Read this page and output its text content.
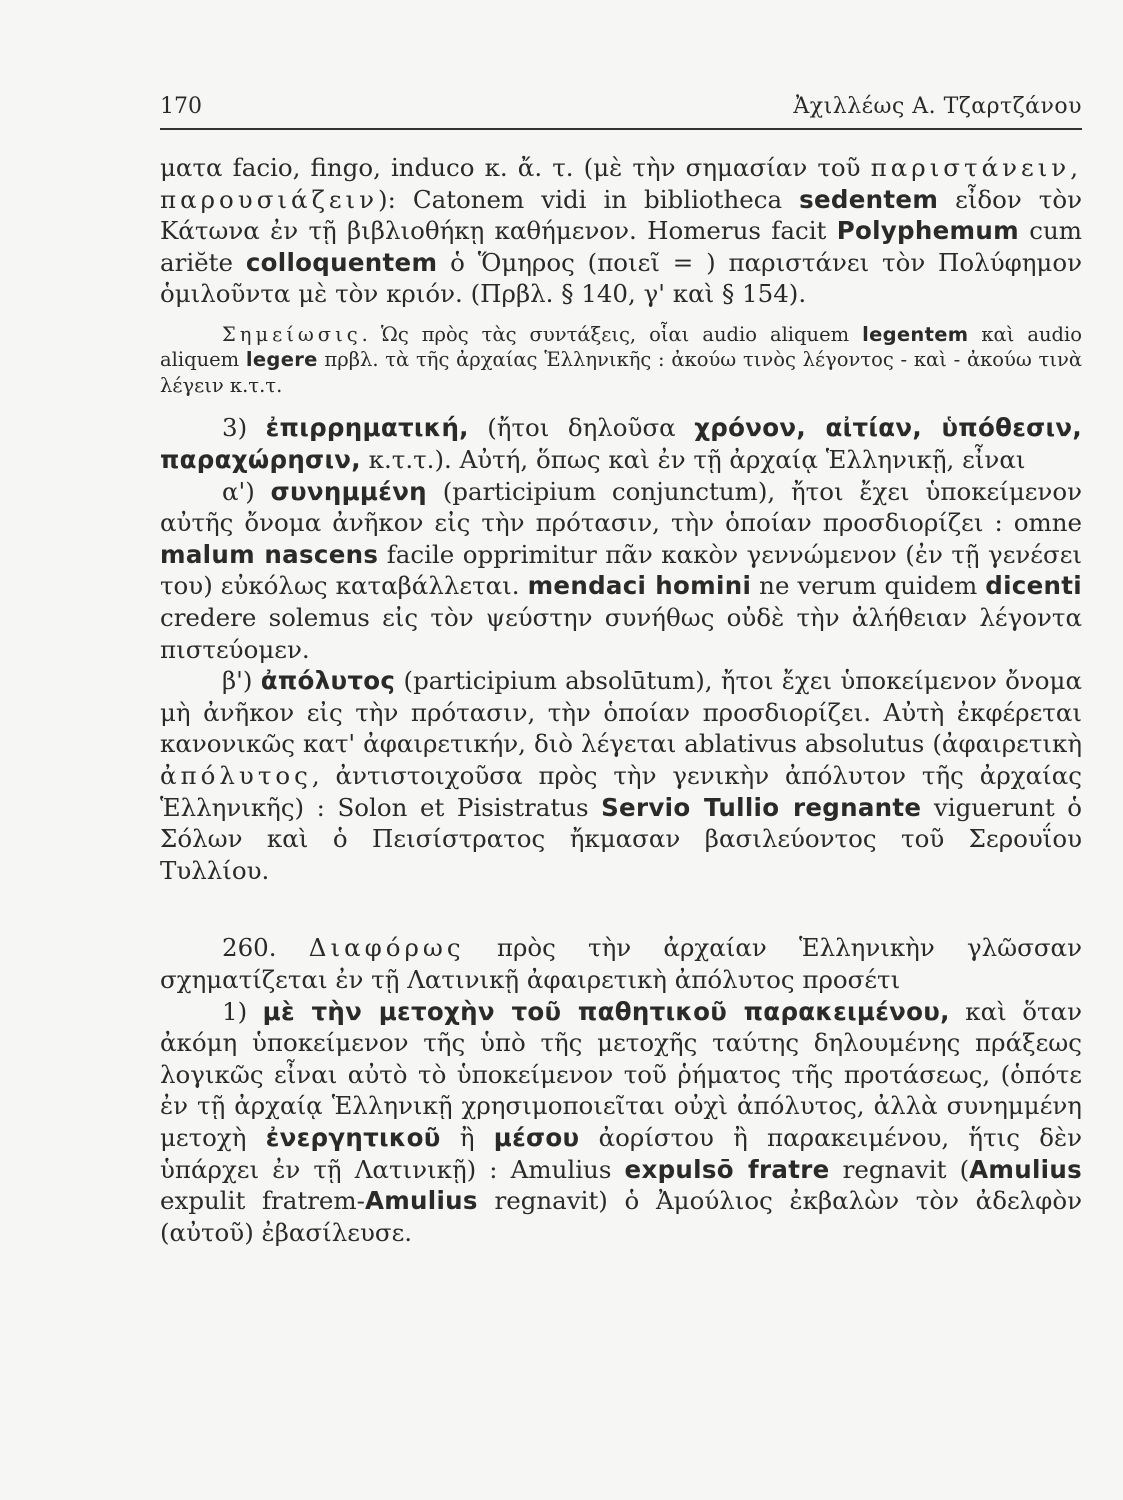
170	Ἀχιλλέως Α. Τζαρτζάνου

ματα facio, fingo, induco κ. ἄ. τ. (μὲ τὴν σημασίαν τοῦ παριστάνειν, παρουσιάζειν): Catonem vidi in bibliotheca sedentem εἶδον τὸν Κάτωνα ἐν τῇ βιβλιοθήκῃ καθήμενον. Homerus facit Polyphemum cum ariĕte colloquentem ὁ Ὅμηρος (ποιεῖ = ) παριστάνει τὸν Πολύφημον ὁμιλοῦντα μὲ τὸν κριόν. (Πρβλ. § 140, γ' καὶ § 154).

Σημείωσις. Ὡς πρὸς τὰς συντάξεις, οἷαι audio aliquem legentem καὶ audio aliquem legere πρβλ. τὰ τῆς ἀρχαίας Ἑλληνικῆς : ἀκούω τινὸς λέγοντος - καὶ - ἀκούω τινὰ λέγειν κ.τ.τ.

3) ἐπιρρηματική, (ἤτοι δηλοῦσα χρόνον, αἰτίαν, ὑπόθεσιν, παραχώρησιν, κ.τ.τ.). Αὐτή, ὅπως καὶ ἐν τῇ ἀρχαίᾳ Ἑλληνικῇ, εἶναι

α') συνημμένη (participium conjunctum), ἤτοι ἔχει ὑποκείμενον αὐτῆς ὄνομα ἀνῆκον εἰς τὴν πρότασιν, τὴν ὁποίαν προσδιορίζει : omne malum nascens facile opprimitur πᾶν κακὸν γεννώμενον (ἐν τῇ γενέσει του) εὐκόλως καταβάλλεται. mendaci homini ne verum quidem dicenti credere solemus εἰς τὸν ψεύστην συνήθως οὐδὲ τὴν ἀλήθειαν λέγοντα πιστεύομεν.

β') ἀπόλυτος (participium absolūtum), ἤτοι ἔχει ὑποκείμενον ὄνομα μὴ ἀνῆκον εἰς τὴν πρότασιν, τὴν ὁποίαν προσδιορίζει. Αὐτὴ ἐκφέρεται κανονικῶς κατ' ἀφαιρετικήν, διὸ λέγεται ablativus absolutus (ἀφαιρετικὴ ἀπόλυτος, ἀντιστοιχοῦσα πρὸς τὴν γενικὴν ἀπόλυτον τῆς ἀρχαίας Ἑλληνικῆς) : Solon et Pisistratus Servio Tullio regnante viguerunt ὁ Σόλων καὶ ὁ Πεισίστρατος ἤκμασαν βασιλεύοντος τοῦ Σερουΐου Τυλλίου.

260. Διαφόρως πρὸς τὴν ἀρχαίαν Ἑλληνικὴν γλῶσσαν σχηματίζεται ἐν τῇ Λατινικῇ ἀφαιρετικὴ ἀπόλυτος προσέτι

1) μὲ τὴν μετοχὴν τοῦ παθητικοῦ παρακειμένου, καὶ ὅταν ἀκόμη ὑποκείμενον τῆς ὑπὸ τῆς μετοχῆς ταύτης δηλουμένης πράξεως λογικῶς εἶναι αὐτὸ τὸ ὑποκείμενον τοῦ ῥήματος τῆς προτάσεως, (ὁπότε ἐν τῇ ἀρχαίᾳ Ἑλληνικῇ χρησιμοποιεῖται οὐχὶ ἀπόλυτος, ἀλλὰ συνημμένη μετοχὴ ἐνεργητικοῦ ἢ μέσου ἀορίστου ἢ παρακειμένου, ἥτις δὲν ὑπάρχει ἐν τῇ Λατινικῇ) : Amulius expulsō fratre regnavit (Amulius expulit fratrem-Amulius regnavit) ὁ Ἀμούλιος ἐκβαλὼν τὸν ἀδελφὸν (αὐτοῦ) ἐβασίλευσε.
